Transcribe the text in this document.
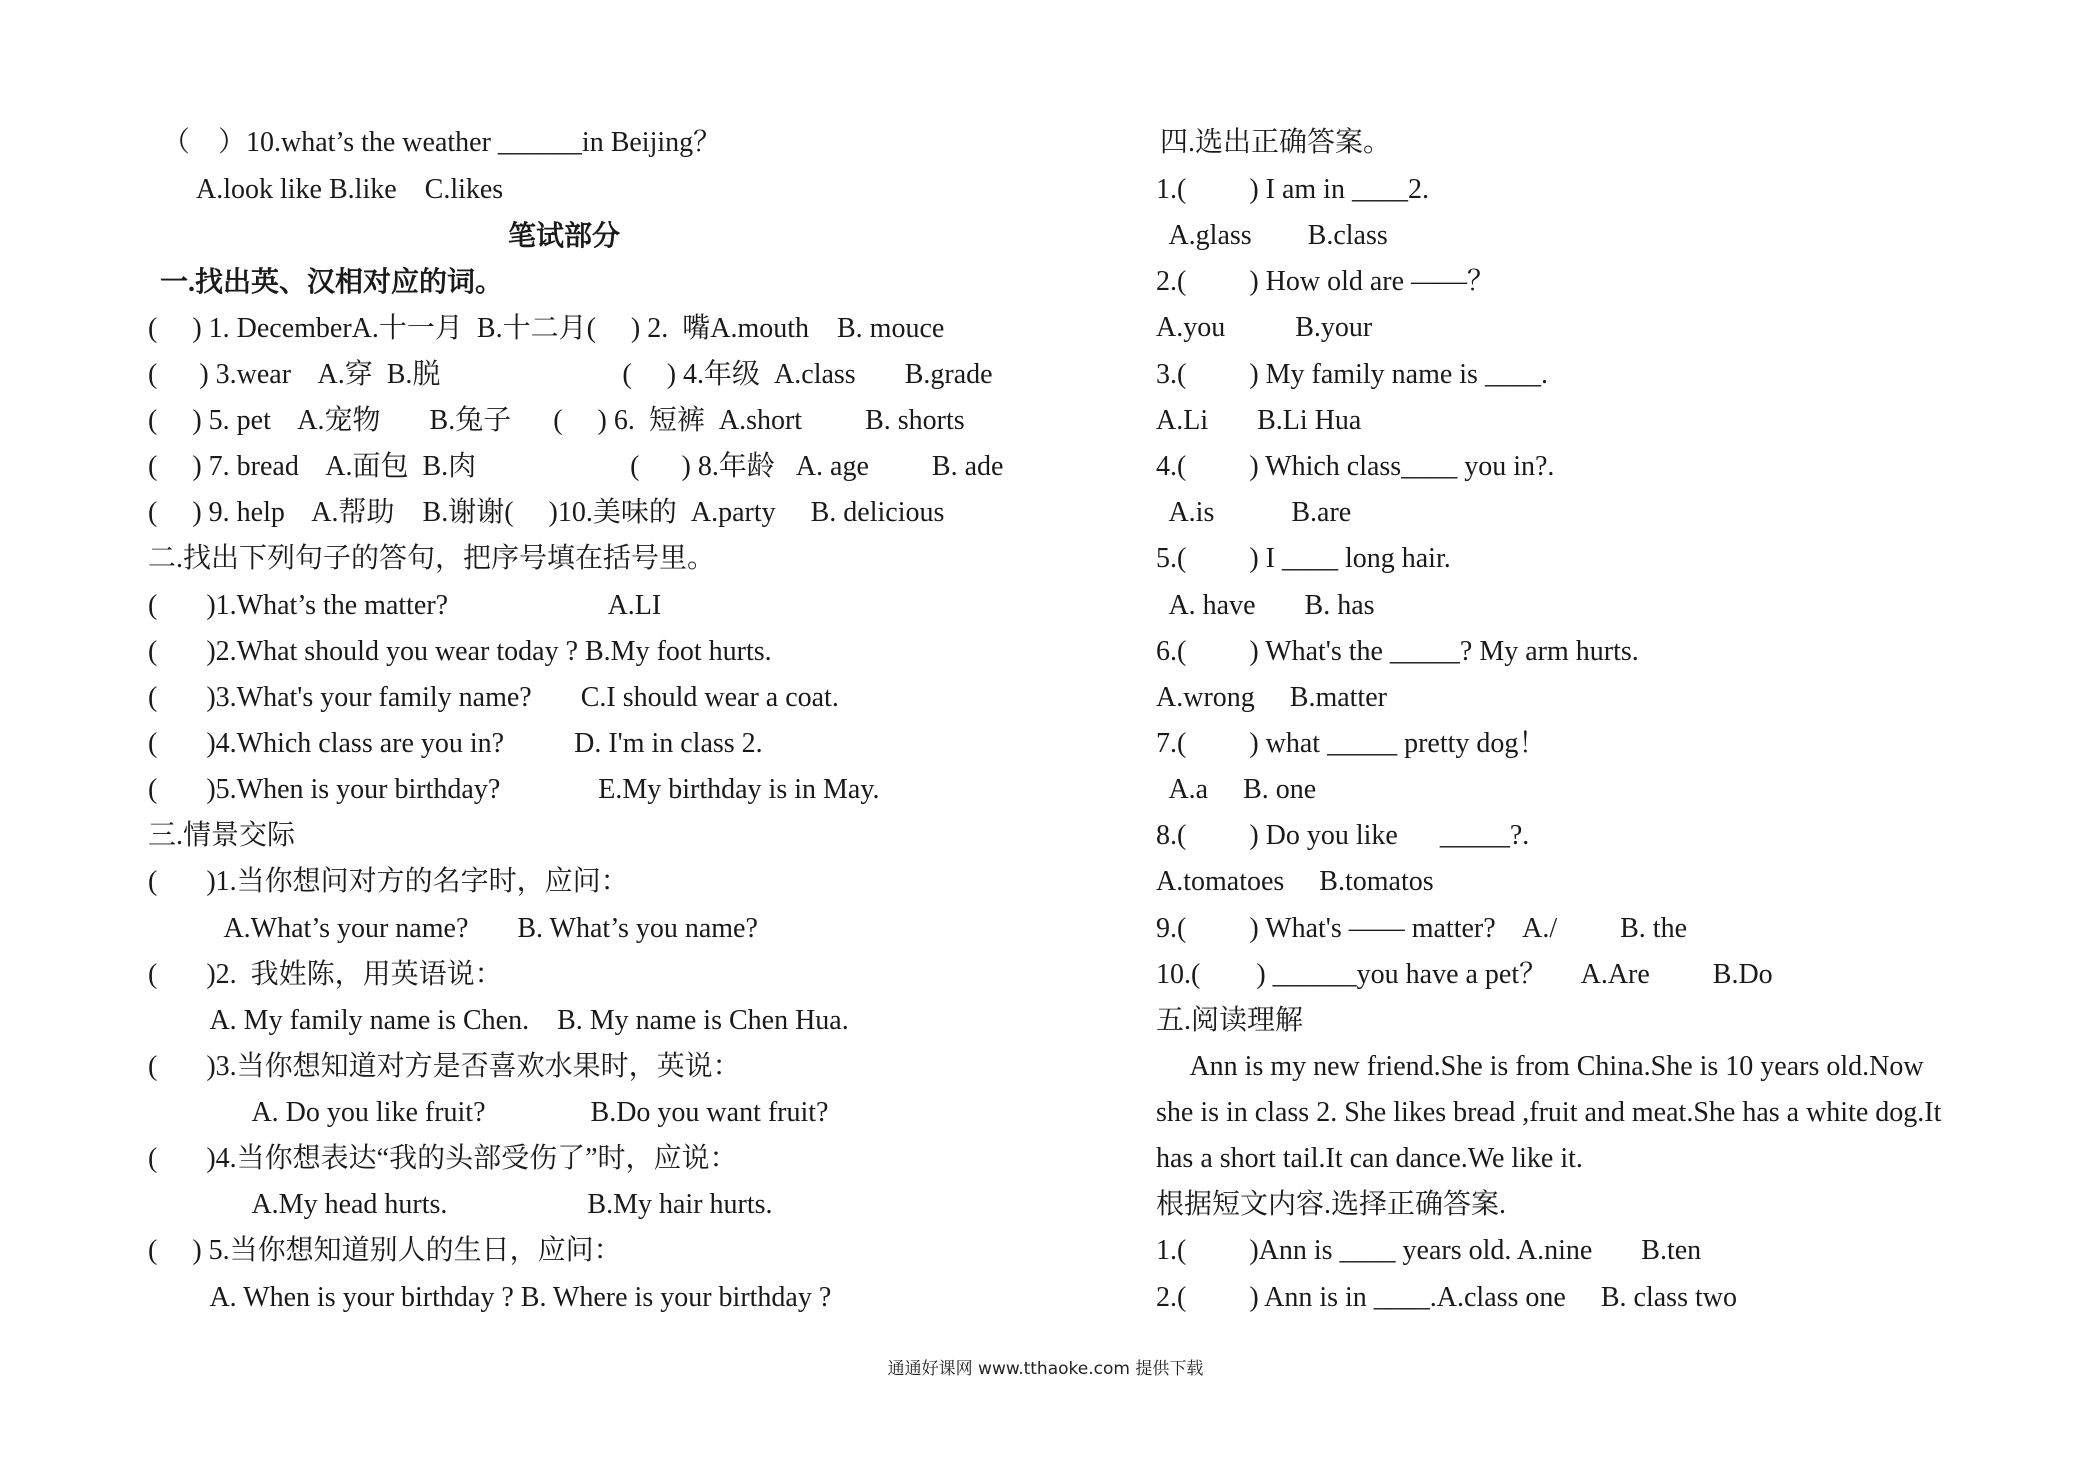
（    ）10.what’s the weather ______in Beijing？
A.look like B.like    C.likes
笔试部分
一.找出英、汉相对应的词。
(     ) 1. DecemberA.十一月  B.十二月(     ) 2.  嘴A.mouth    B. mouce
(      ) 3.wear    A.穿  B.脱                          (     ) 4.年级  A.class       B.grade
(     ) 5. pet    A.宠物       B.兔子      (     ) 6.  短裤  A.short         B. shorts
(     ) 7. bread    A.面包  B.肉                      (      ) 8.年龄   A. age         B. ade
(     ) 9. help    A.帮助    B.谢谢(     )10.美味的  A.party     B. delicious
二.找出下列句子的答句，把序号填在括号里。
(       )1.What’s the matter?                       A.LI
(       )2.What should you wear today ? B.My foot hurts.
(       )3.What's your family name?       C.I should wear a coat.
(       )4.Which class are you in?          D. I'm in class 2.
(       )5.When is your birthday?              E.My birthday is in May.
三.情景交际
(       )1.当你想问对方的名字时，应问：
A.What’s your name?       B. What’s you name?
(       )2.  我姓陈，用英语说：
A. My family name is Chen.    B. My name is Chen Hua.
(       )3.当你想知道对方是否喜欢水果时，英说：
A. Do you like fruit?               B.Do you want fruit?
(       )4.当你想表达“我的头部受伤了”时，应说：
A.My head hurts.                    B.My hair hurts.
(     ) 5.当你想知道别人的生日，应问：
A. When is your birthday ? B. Where is your birthday ?
四.选出正确答案。
1.(         ) I am in ____2.
A.glass        B.class
2.(         ) How old are ——？
A.you          B.your
3.(         ) My family name is ____.
A.Li       B.Li Hua
4.(         ) Which class____ you in?.
A.is           B.are
5.(         ) I ____ long hair.
A. have       B. has
6.(         ) What's the _____? My arm hurts.
A.wrong     B.matter
7.(         ) what _____ pretty dog！
A.a     B. one
8.(         ) Do you like      _____?.
A.tomatoes     B.tomatos
9.(         ) What's —— matter?    A./         B. the
10.(        ) ______you have a pet？     A.Are         B.Do
五.阅读理解
Ann is my new friend.She is from China.She is 10 years old.Now
she is in class 2. She likes bread ,fruit and meat.She has a white dog.It
has a short tail.It can dance.We like it.
根据短文内容.选择正确答案.
1.(         )Ann is ____ years old. A.nine       B.ten
2.(         ) Ann is in ____.A.class one     B. class two
通通好课网 www.tthaoke.com 提供下载
